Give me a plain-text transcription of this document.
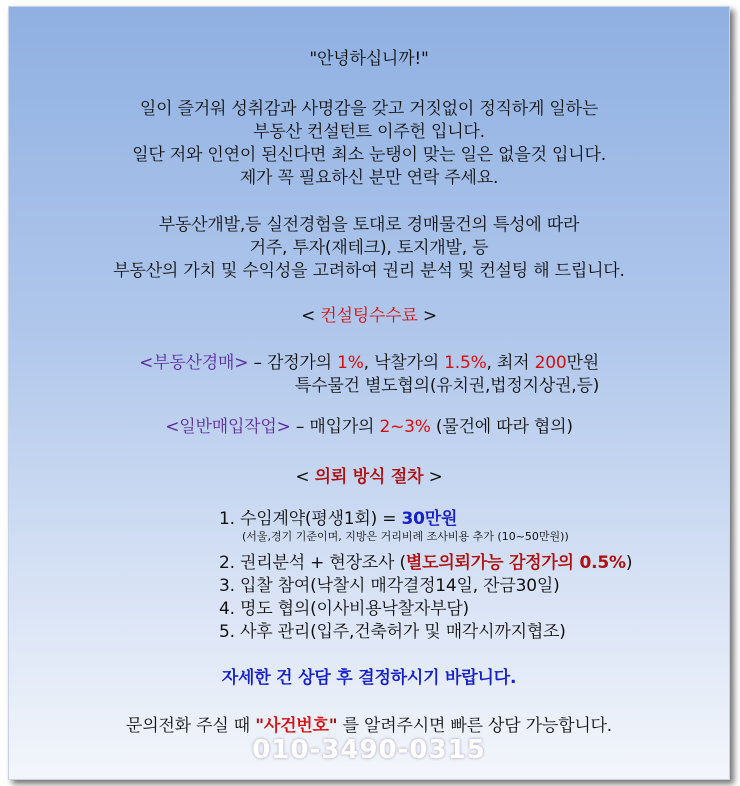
"안녕하십니까!"
일이 즐거워 성취감과 사명감을 갖고 거짓없이 정직하게 일하는
부동산 컨설턴트 이주헌 입니다.
일단 저와 인연이 된신다면 최소 눈탱이 맞는 일은 없을것 입니다.
제가 꼭 필요하신 분만 연락 주세요.
부동산개발,등 실전경험을 토대로 경매물건의 특성에 따라
거주, 투자(재테크), 토지개발, 등
부동산의 가치 및 수익성을 고려하여 권리 분석 및 컨설팅 해 드립니다.
< 컨설팅수수료 >
<부동산경매> – 감정가의 1%, 낙찰가의 1.5%, 최저 200만원
특수물건 별도협의(유치권,법정지상권,등)
<일반매입작업> – 매입가의 2~3% (물건에 따라 협의)
< 의뢰 방식 절차 >
1. 수임계약(평생1회) = 30만원
(서울,경기 기준이며, 지방은 거리비례 조사비용 추가 (10~50만원))
2. 권리분석 + 현장조사 (별도의뢰가능 감정가의 0.5%)
3. 입찰 참여(낙찰시 매각결정14일, 잔금30일)
4. 명도 협의(이사비용낙찰자부담)
5. 사후 관리(입주,건축허가 및 매각시까지협조)
자세한 건 상담 후 결정하시기 바랍니다.
문의전화 주실 때 "사건번호" 를 알려주시면 빠른 상담 가능합니다.
010-3490-0315
